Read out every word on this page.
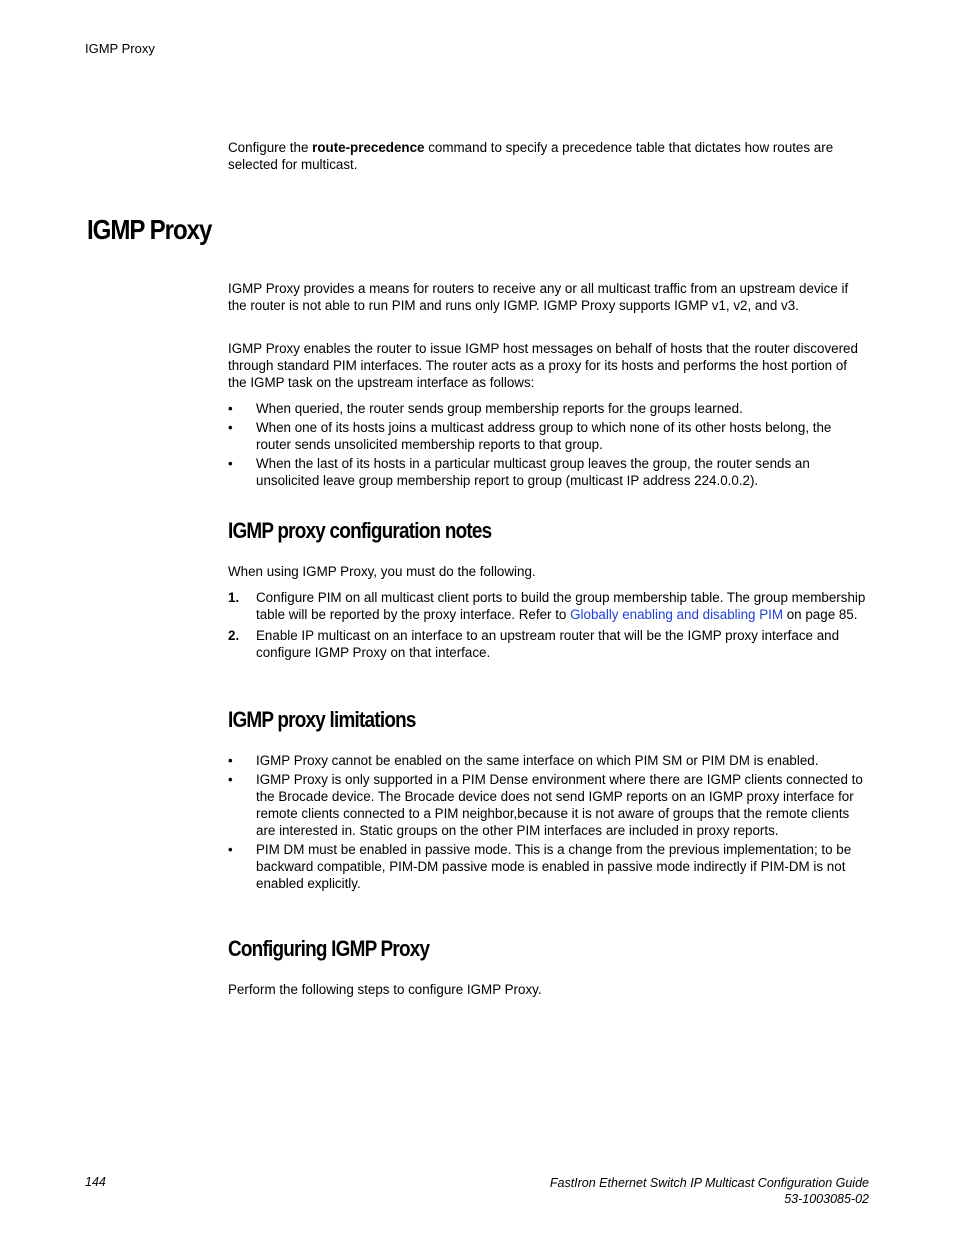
IGMP Proxy
Configure the route-precedence command to specify a precedence table that dictates how routes are selected for multicast.
IGMP Proxy
IGMP Proxy provides a means for routers to receive any or all multicast traffic from an upstream device if the router is not able to run PIM and runs only IGMP. IGMP Proxy supports IGMP v1, v2, and v3.
IGMP Proxy enables the router to issue IGMP host messages on behalf of hosts that the router discovered through standard PIM interfaces. The router acts as a proxy for its hosts and performs the host portion of the IGMP task on the upstream interface as follows:
• When queried, the router sends group membership reports for the groups learned.
• When one of its hosts joins a multicast address group to which none of its other hosts belong, the router sends unsolicited membership reports to that group.
• When the last of its hosts in a particular multicast group leaves the group, the router sends an unsolicited leave group membership report to group (multicast IP address 224.0.0.2).
IGMP proxy configuration notes
When using IGMP Proxy, you must do the following.
1. Configure PIM on all multicast client ports to build the group membership table. The group membership table will be reported by the proxy interface. Refer to Globally enabling and disabling PIM on page 85.
2. Enable IP multicast on an interface to an upstream router that will be the IGMP proxy interface and configure IGMP Proxy on that interface.
IGMP proxy limitations
• IGMP Proxy cannot be enabled on the same interface on which PIM SM or PIM DM is enabled.
• IGMP Proxy is only supported in a PIM Dense environment where there are IGMP clients connected to the Brocade device. The Brocade device does not send IGMP reports on an IGMP proxy interface for remote clients connected to a PIM neighbor,because it is not aware of groups that the remote clients are interested in. Static groups on the other PIM interfaces are included in proxy reports.
• PIM DM must be enabled in passive mode. This is a change from the previous implementation; to be backward compatible, PIM-DM passive mode is enabled in passive mode indirectly if PIM-DM is not enabled explicitly.
Configuring IGMP Proxy
Perform the following steps to configure IGMP Proxy.
144	FastIron Ethernet Switch IP Multicast Configuration Guide
53-1003085-02
